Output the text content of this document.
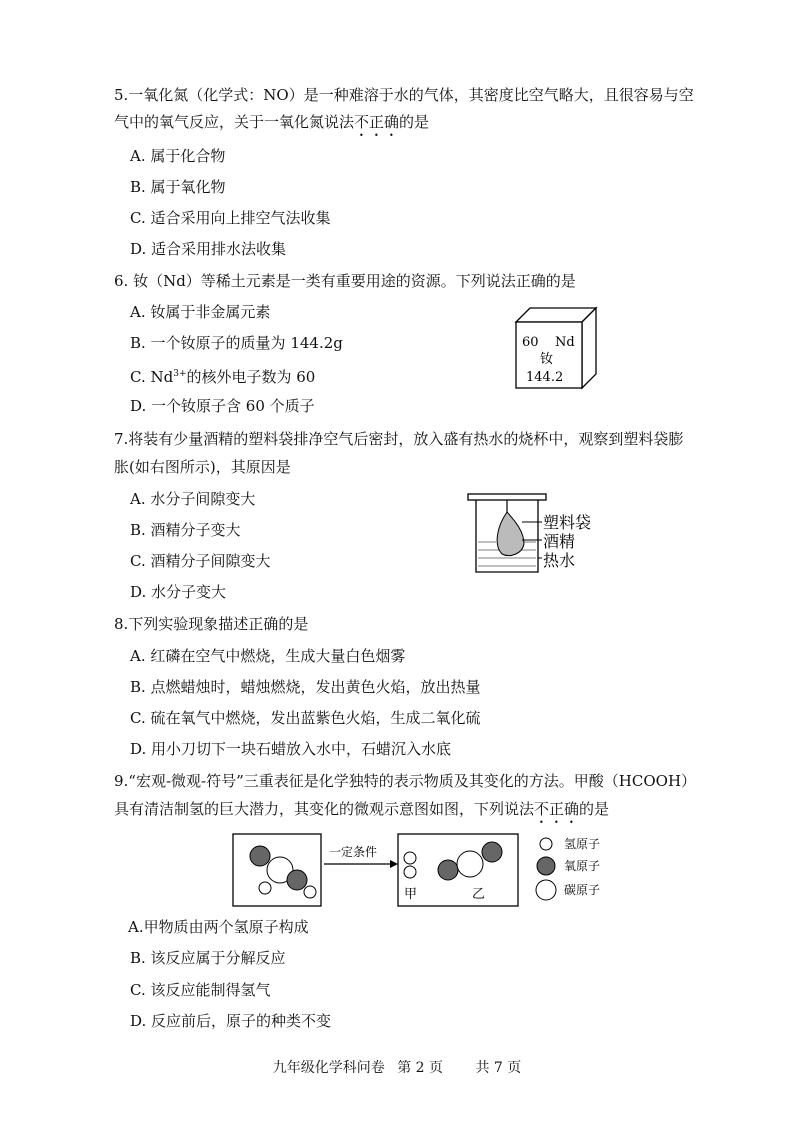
5.一氧化氮（化学式：NO）是一种难溶于水的气体，其密度比空气略大，且很容易与空
气中的氧气反应，关于一氧化氮说法不正确的是
A. 属于化合物
B. 属于氧化物
C. 适合采用向上排空气法收集
D. 适合采用排水法收集
6. 钕（Nd）等稀土元素是一类有重要用途的资源。下列说法正确的是
A. 钕属于非金属元素
B. 一个钕原子的质量为 144.2g
C. $Nd^{3+}$的核外电子数为 60
D. 一个钕原子含 60 个质子
60 Nd
钕
144.2
7.将装有少量酒精的塑料袋排净空气后密封，放入盛有热水的烧杯中，观察到塑料袋膨
胀(如右图所示)，其原因是
A. 水分子间隙变大
B. 酒精分子变大
C. 酒精分子间隙变大
D. 水分子变大
塑料袋
酒精
热水
8.下列实验现象描述正确的是
A. 红磷在空气中燃烧，生成大量白色烟雾
B. 点燃蜡烛时，蜡烛燃烧，发出黄色火焰，放出热量
C. 硫在氧气中燃烧，发出蓝紫色火焰，生成二氧化硫
D. 用小刀切下一块石蜡放入水中，石蜡沉入水底
9.“宏观-微观-符号”三重表征是化学独特的表示物质及其变化的方法。甲酸（HCOOH）
具有清洁制氢的巨大潜力，其变化的微观示意图如图，下列说法不正确的是
一定条件
甲	乙
氢原子
氧原子
碳原子
A.甲物质由两个氢原子构成
B. 该反应属于分解反应
C. 该反应能制得氢气
D. 反应前后，原子的种类不变
九年级化学科问卷 第 2 页 共 7 页
